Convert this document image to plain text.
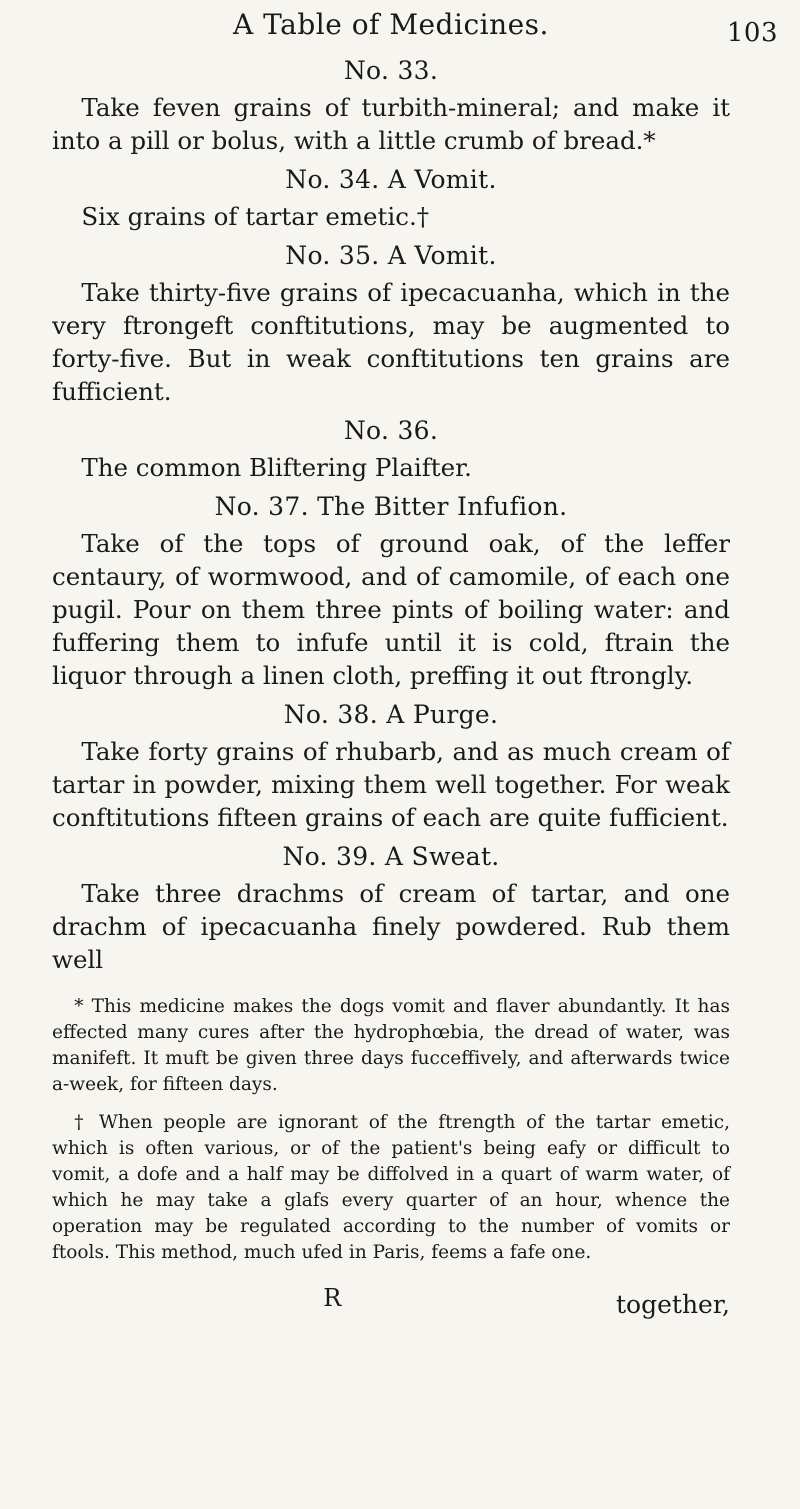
A Table of Medicines.	103
No. 33.

Take feven grains of turbith-mineral; and make it into a pill or bolus, with a little crumb of bread.*

No. 34. A Vomit.

Six grains of tartar emetic.†

No. 35. A Vomit.

Take thirty-five grains of ipecacuanha, which in the very ftrongeft conftitutions, may be augmented to forty-five. But in weak conftitutions ten grains are fufficient.

No. 36.

The common Bliftering Plaifter.

No. 37. The Bitter Infufion.

Take of the tops of ground oak, of the leffer centaury, of wormwood, and of camomile, of each one pugil. Pour on them three pints of boiling water: and fuffering them to infufe until it is cold, ftrain the liquor through a linen cloth, preffing it out ftrongly.

No. 38. A Purge.

Take forty grains of rhubarb, and as much cream of tartar in powder, mixing them well together. For weak conftitutions fifteen grains of each are quite fufficient.

No. 39. A Sweat.

Take three drachms of cream of tartar, and one drachm of ipecacuanha finely powdered. Rub them well

* This medicine makes the dogs vomit and flaver abundantly. It has effected many cures after the hydrophœbia, the dread of water, was manifeft. It muft be given three days fucceffively, and afterwards twice a-week, for fifteen days.

† When people are ignorant of the ftrength of the tartar emetic, which is often various, or of the patient's being eafy or difficult to vomit, a dofe and a half may be diffolved in a quart of warm water, of which he may take a glafs every quarter of an hour, whence the operation may be regulated according to the number of vomits or ftools. This method, much ufed in Paris, feems a fafe one.

R	together,
